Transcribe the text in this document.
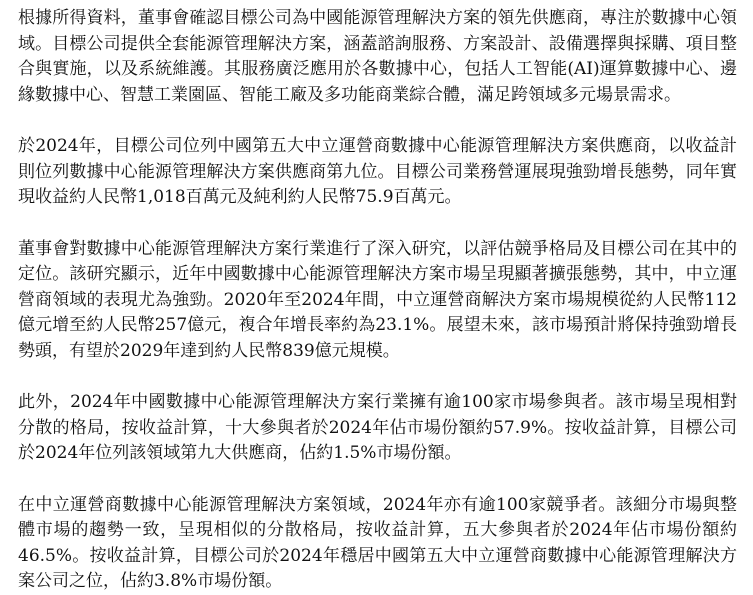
根據所得資料，董事會確認目標公司為中國能源管理解決方案的領先供應商，專注於數據中心領域。目標公司提供全套能源管理解決方案，涵蓋諮詢服務、方案設計、設備選擇與採購、項目整合與實施，以及系統維護。其服務廣泛應用於各數據中心，包括人工智能(AI)運算數據中心、邊緣數據中心、智慧工業園區、智能工廠及多功能商業綜合體，滿足跨領域多元場景需求。

於2024年，目標公司位列中國第五大中立運營商數據中心能源管理解決方案供應商，以收益計則位列數據中心能源管理解決方案供應商第九位。目標公司業務營運展現強勁增長態勢，同年實現收益約人民幣1,018百萬元及純利約人民幣75.9百萬元。

董事會對數據中心能源管理解決方案行業進行了深入研究，以評估競爭格局及目標公司在其中的定位。該研究顯示，近年中國數據中心能源管理解決方案市場呈現顯著擴張態勢，其中，中立運營商領域的表現尤為強勁。2020年至2024年間，中立運營商解決方案市場規模從約人民幣112億元增至約人民幣257億元，複合年增長率約為23.1%。展望未來，該市場預計將保持強勁增長勢頭，有望於2029年達到約人民幣839億元規模。

此外，2024年中國數據中心能源管理解決方案行業擁有逾100家市場參與者。該市場呈現相對分散的格局，按收益計算，十大參與者於2024年佔市場份額約57.9%。按收益計算，目標公司於2024年位列該領域第九大供應商，佔約1.5%市場份額。

在中立運營商數據中心能源管理解決方案領域，2024年亦有逾100家競爭者。該細分市場與整體市場的趨勢一致，呈現相似的分散格局，按收益計算，五大參與者於2024年佔市場份額約46.5%。按收益計算，目標公司於2024年穩居中國第五大中立運營商數據中心能源管理解決方案公司之位，佔約3.8%市場份額。
